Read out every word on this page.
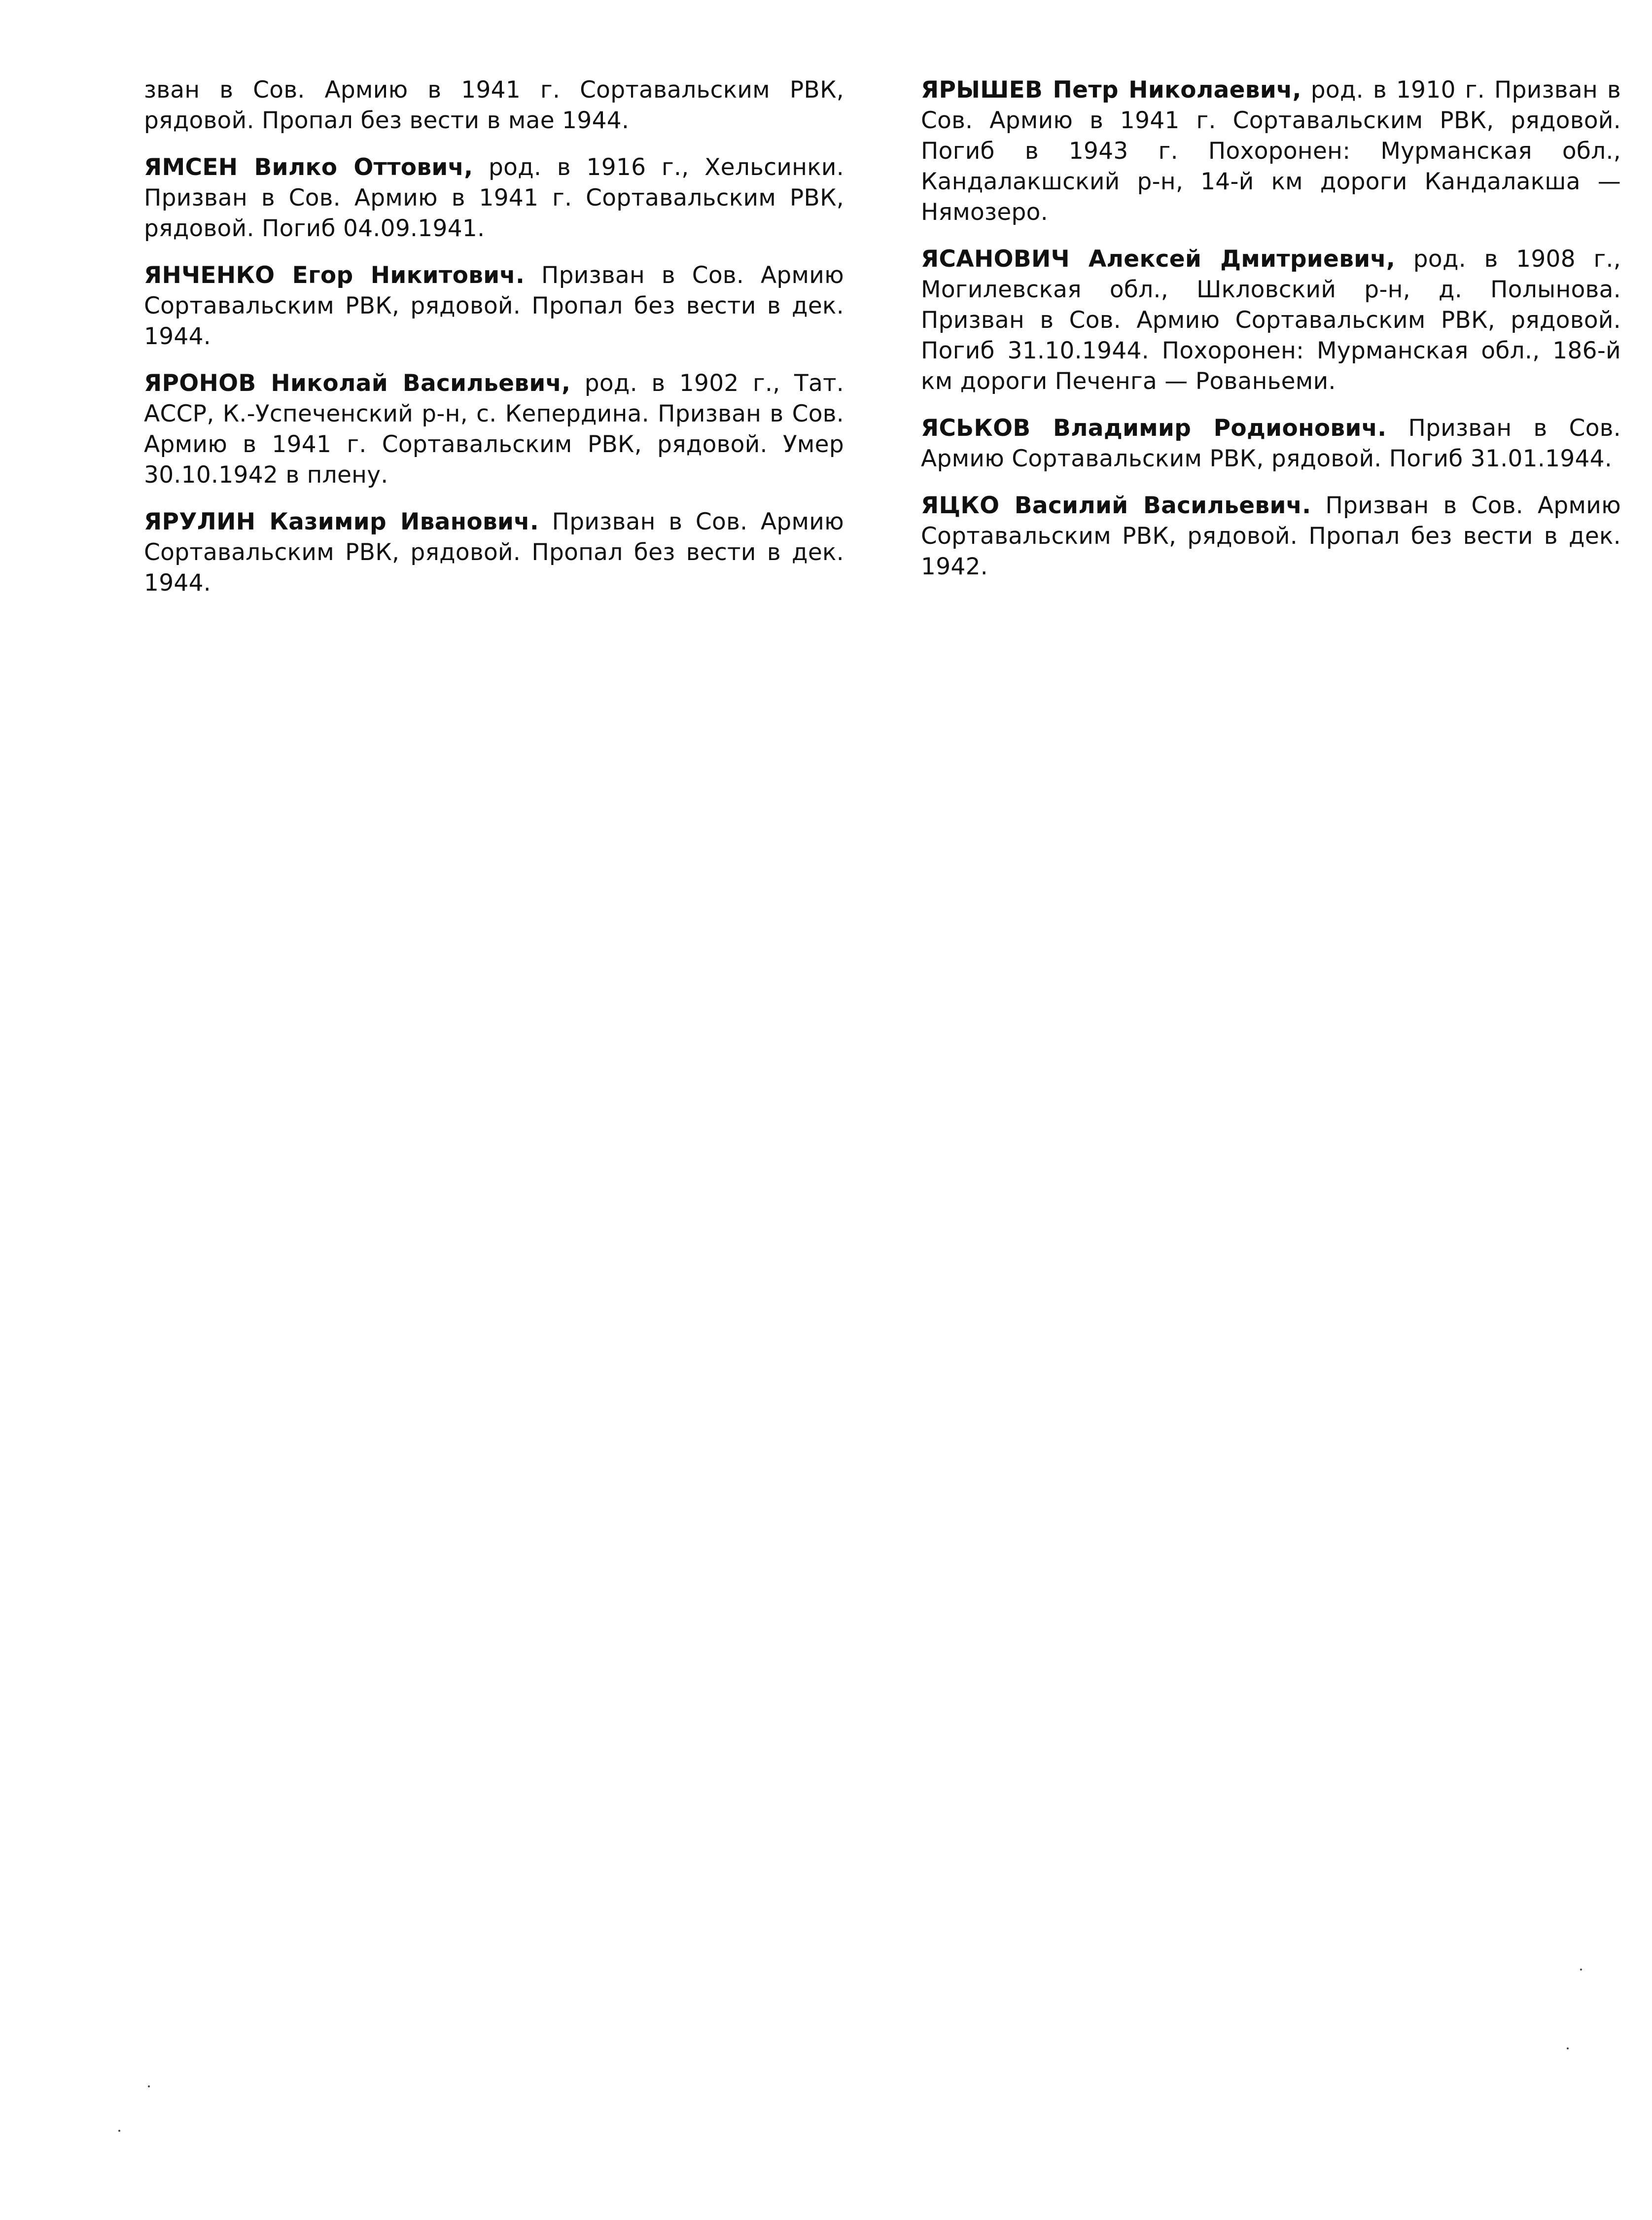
зван в Сов. Армию в 1941 г. Сортавальским РВК, рядовой. Пропал без вести в мае 1944.

ЯМСЕН Вилко Оттович, род. в 1916 г., Хельсинки. Призван в Сов. Армию в 1941 г. Сортавальским РВК, рядовой. Погиб 04.09.1941.

ЯНЧЕНКО Егор Никитович. Призван в Сов. Армию Сортавальским РВК, рядовой. Пропал без вести в дек. 1944.

ЯРОНОВ Николай Васильевич, род. в 1902 г., Тат. АССР, К.-Успеченский р-н, с. Кепердина. Призван в Сов. Армию в 1941 г. Сортавальским РВК, рядовой. Умер 30.10.1942 в плену.

ЯРУЛИН Казимир Иванович. Призван в Сов. Армию Сортавальским РВК, рядовой. Пропал без вести в дек. 1944.

ЯРЫШЕВ Петр Николаевич, род. в 1910 г. Призван в Сов. Армию в 1941 г. Сортавальским РВК, рядовой. Погиб в 1943 г. Похоронен: Мурманская обл., Кандалакшский р-н, 14-й км дороги Кандалакша — Нямозеро.

ЯСАНОВИЧ Алексей Дмитриевич, род. в 1908 г., Могилевская обл., Шкловский р-н, д. Полынова. Призван в Сов. Армию Сортавальским РВК, рядовой. Погиб 31.10.1944. Похоронен: Мурманская обл., 186-й км дороги Печенга — Рованьеми.

ЯСЬКОВ Владимир Родионович. Призван в Сов. Армию Сортавальским РВК, рядовой. Погиб 31.01.1944.

ЯЦКО Василий Васильевич. Призван в Сов. Армию Сортавальским РВК, рядовой. Пропал без вести в дек. 1942.
